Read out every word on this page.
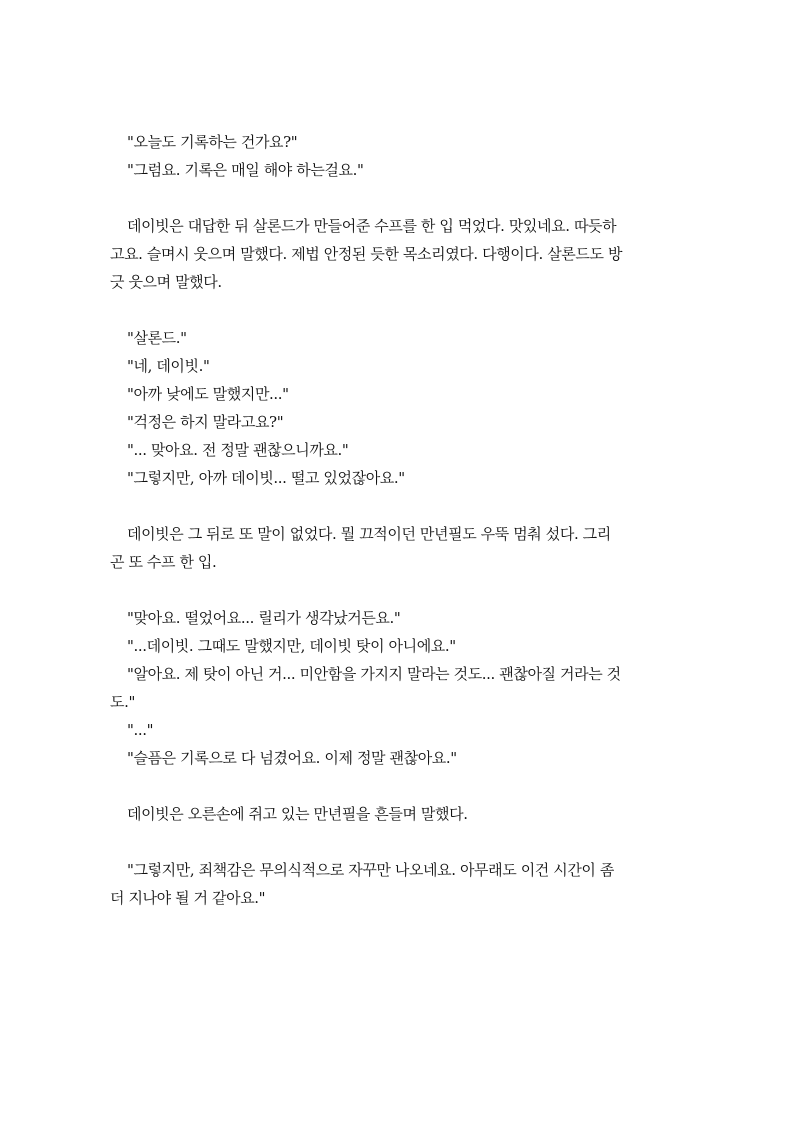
"오늘도 기록하는 건가요?"
"그럼요. 기록은 매일 해야 하는걸요."
데이빗은 대답한 뒤 살론드가 만들어준 수프를 한 입 먹었다. 맛있네요. 따듯하
고요. 슬며시 웃으며 말했다. 제법 안정된 듯한 목소리였다. 다행이다. 살론드도 방
긋 웃으며 말했다.
"살론드."
"네, 데이빗."
"아까 낮에도 말했지만..."
"걱정은 하지 말라고요?"
"... 맞아요. 전 정말 괜찮으니까요."
"그렇지만, 아까 데이빗... 떨고 있었잖아요."
데이빗은 그 뒤로 또 말이 없었다. 뭘 끄적이던 만년필도 우뚝 멈춰 섰다. 그리
곤 또 수프 한 입.
"맞아요. 떨었어요... 릴리가 생각났거든요."
"...데이빗. 그때도 말했지만, 데이빗 탓이 아니에요."
"알아요. 제 탓이 아닌 거... 미안함을 가지지 말라는 것도... 괜찮아질 거라는 것
도."
"..."
"슬픔은 기록으로 다 넘겼어요. 이제 정말 괜찮아요."
데이빗은 오른손에 쥐고 있는 만년필을 흔들며 말했다.
"그렇지만, 죄책감은 무의식적으로 자꾸만 나오네요. 아무래도 이건 시간이 좀
더 지나야 될 거 같아요."
